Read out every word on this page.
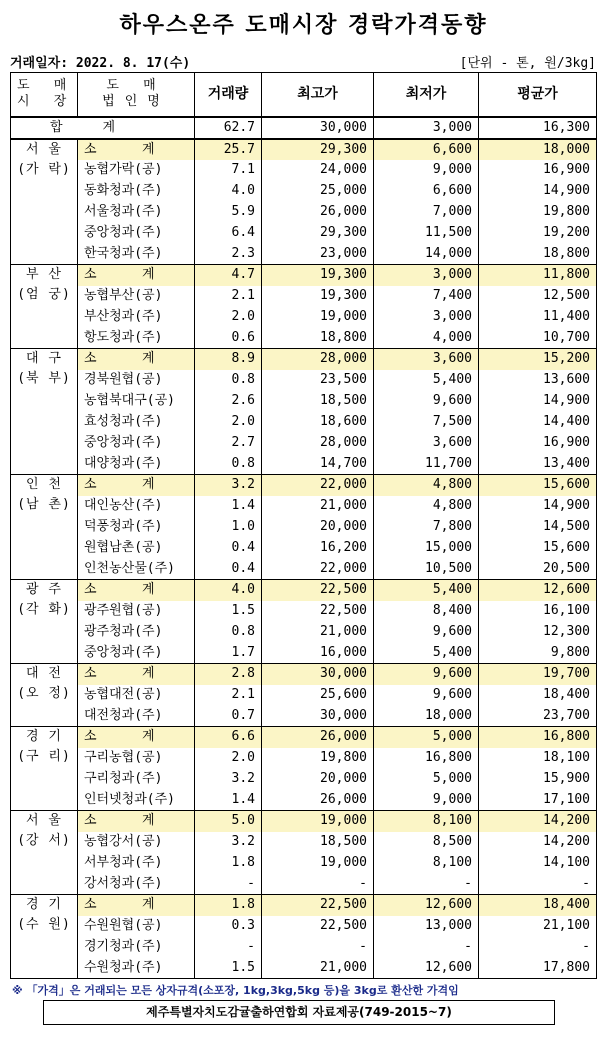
하우스온주 도매시장 경락가격동향
거래일자: 2022. 8. 17(수)	[단위 - 톤, 원/3kg]
도 매
시 장	도 매
법인명	거래량	최고가	최저가	평균가
합계		62.7	30,000	3,000	16,300
서 울
(가 락)	소 계	25.7	29,300	6,600	18,000
	농협가락(공)	7.1	24,000	9,000	16,900
	동화청과(주)	4.0	25,000	6,600	14,900
	서울청과(주)	5.9	26,000	7,000	19,800
	중앙청과(주)	6.4	29,300	11,500	19,200
	한국청과(주)	2.3	23,000	14,000	18,800
부 산
(엄 궁)	소 계	4.7	19,300	3,000	11,800
	농협부산(공)	2.1	19,300	7,400	12,500
	부산청과(주)	2.0	19,000	3,000	11,400
	항도청과(주)	0.6	18,800	4,000	10,700
대 구
(북 부)	소 계	8.9	28,000	3,600	15,200
	경북원협(공)	0.8	23,500	5,400	13,600
	농협북대구(공)	2.6	18,500	9,600	14,900
	효성청과(주)	2.0	18,600	7,500	14,400
	중앙청과(주)	2.7	28,000	3,600	16,900
	대양청과(주)	0.8	14,700	11,700	13,400
인 천
(남 촌)	소 계	3.2	22,000	4,800	15,600
	대인농산(주)	1.4	21,000	4,800	14,900
	덕풍청과(주)	1.0	20,000	7,800	14,500
	원협남촌(공)	0.4	16,200	15,000	15,600
	인천농산물(주)	0.4	22,000	10,500	20,500
광 주
(각 화)	소 계	4.0	22,500	5,400	12,600
	광주원협(공)	1.5	22,500	8,400	16,100
	광주청과(주)	0.8	21,000	9,600	12,300
	중앙청과(주)	1.7	16,000	5,400	9,800
대 전
(오 정)	소 계	2.8	30,000	9,600	19,700
	농협대전(공)	2.1	25,600	9,600	18,400
	대전청과(주)	0.7	30,000	18,000	23,700
경 기
(구 리)	소 계	6.6	26,000	5,000	16,800
	구리농협(공)	2.0	19,800	16,800	18,100
	구리청과(주)	3.2	20,000	5,000	15,900
	인터넷청과(주)	1.4	26,000	9,000	17,100
서 울
(강 서)	소 계	5.0	19,000	8,100	14,200
	농협강서(공)	3.2	18,500	8,500	14,200
	서부청과(주)	1.8	19,000	8,100	14,100
	강서청과(주)	-	-	-	-
경 기
(수 원)	소 계	1.8	22,500	12,600	18,400
	수원원협(공)	0.3	22,500	13,000	21,100
	경기청과(주)	-	-	-	-
	수원청과(주)	1.5	21,000	12,600	17,800
※ 「가격」은 거래되는 모든 상자규격(소포장, 1kg,3kg,5kg 등)을 3kg로 환산한 가격임
제주특별자치도감귤출하연합회 자료제공(749-2015~7)
